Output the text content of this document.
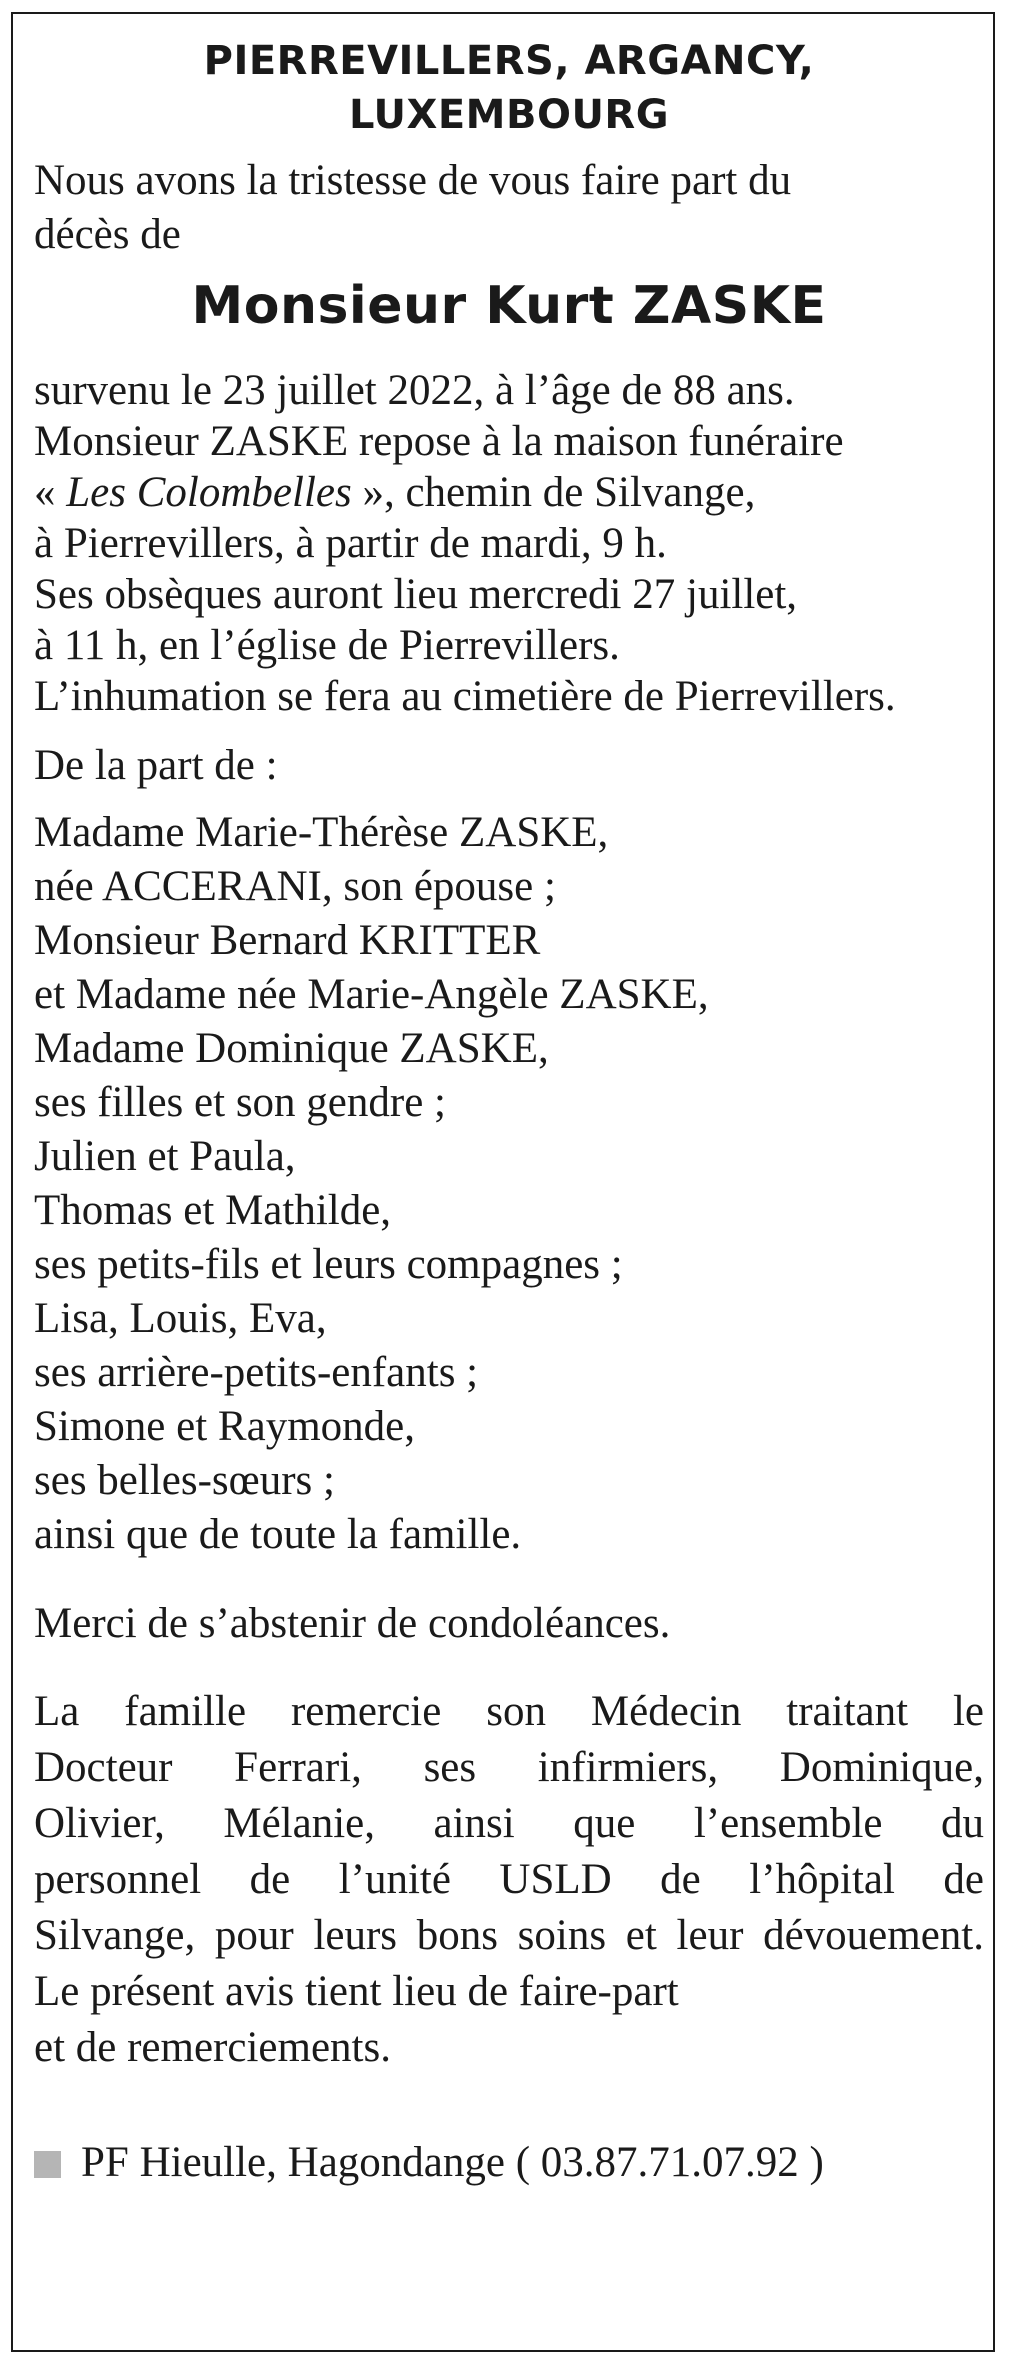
PIERREVILLERS, ARGANCY,
LUXEMBOURG
Nous avons la tristesse de vous faire part du
décès de
Monsieur Kurt ZASKE
survenu le 23 juillet 2022, à l’âge de 88 ans.
Monsieur ZASKE repose à la maison funéraire
« Les Colombelles », chemin de Silvange,
à Pierrevillers, à partir de mardi, 9 h.
Ses obsèques auront lieu mercredi 27 juillet,
à 11 h, en l’église de Pierrevillers.
L’inhumation se fera au cimetière de Pierrevillers.
De la part de :
Madame Marie-Thérèse ZASKE,
née ACCERANI, son épouse ;
Monsieur Bernard KRITTER
et Madame née Marie-Angèle ZASKE,
Madame Dominique ZASKE,
ses filles et son gendre ;
Julien et Paula,
Thomas et Mathilde,
ses petits-fils et leurs compagnes ;
Lisa, Louis, Eva,
ses arrière-petits-enfants ;
Simone et Raymonde,
ses belles-sœurs ;
ainsi que de toute la famille.
Merci de s’abstenir de condoléances.
La famille remercie son Médecin traitant le
Docteur Ferrari, ses infirmiers, Dominique,
Olivier, Mélanie, ainsi que l’ensemble du
personnel de l’unité USLD de l’hôpital de
Silvange, pour leurs bons soins et leur dévouement.
Le présent avis tient lieu de faire-part
et de remerciements.
PF Hieulle, Hagondange ( 03.87.71.07.92 )
